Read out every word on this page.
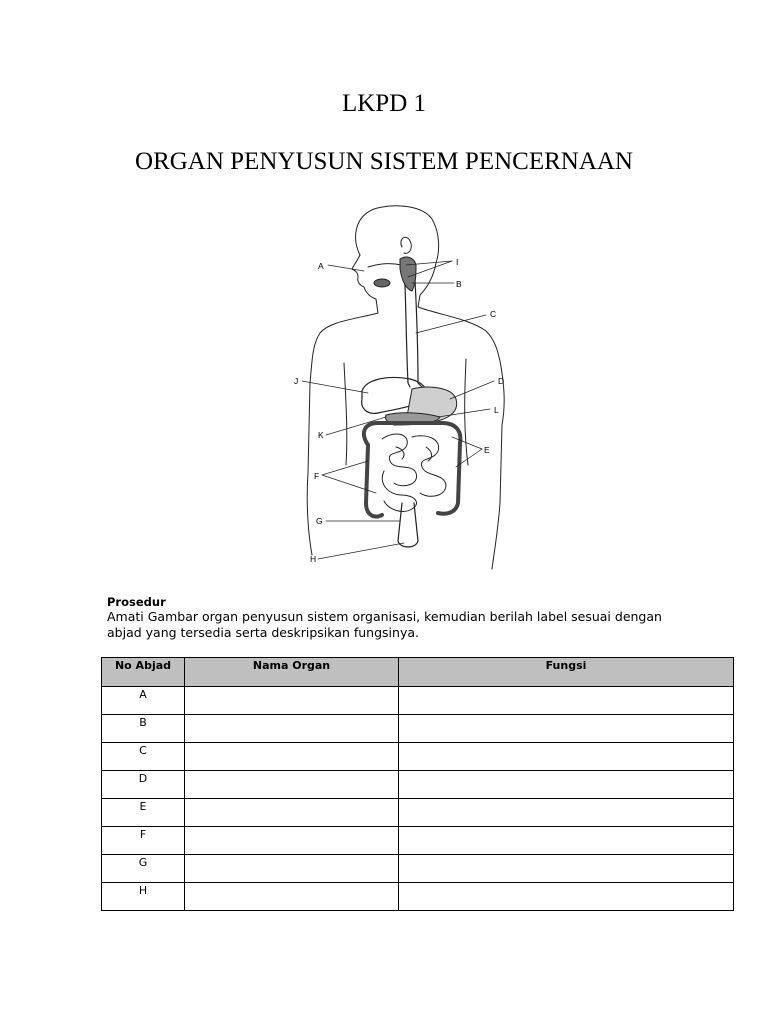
LKPD 1
ORGAN PENYUSUN SISTEM PENCERNAAN
A	I
B
C
J	D
L
K
E
F
G
H
Prosedur
Amati Gambar organ penyusun sistem organisasi, kemudian berilah label sesuai dengan abjad yang tersedia serta deskripsikan fungsinya.
No Abjad	Nama Organ	Fungsi
A		
B		
C		
D		
E		
F		
G		
H		
